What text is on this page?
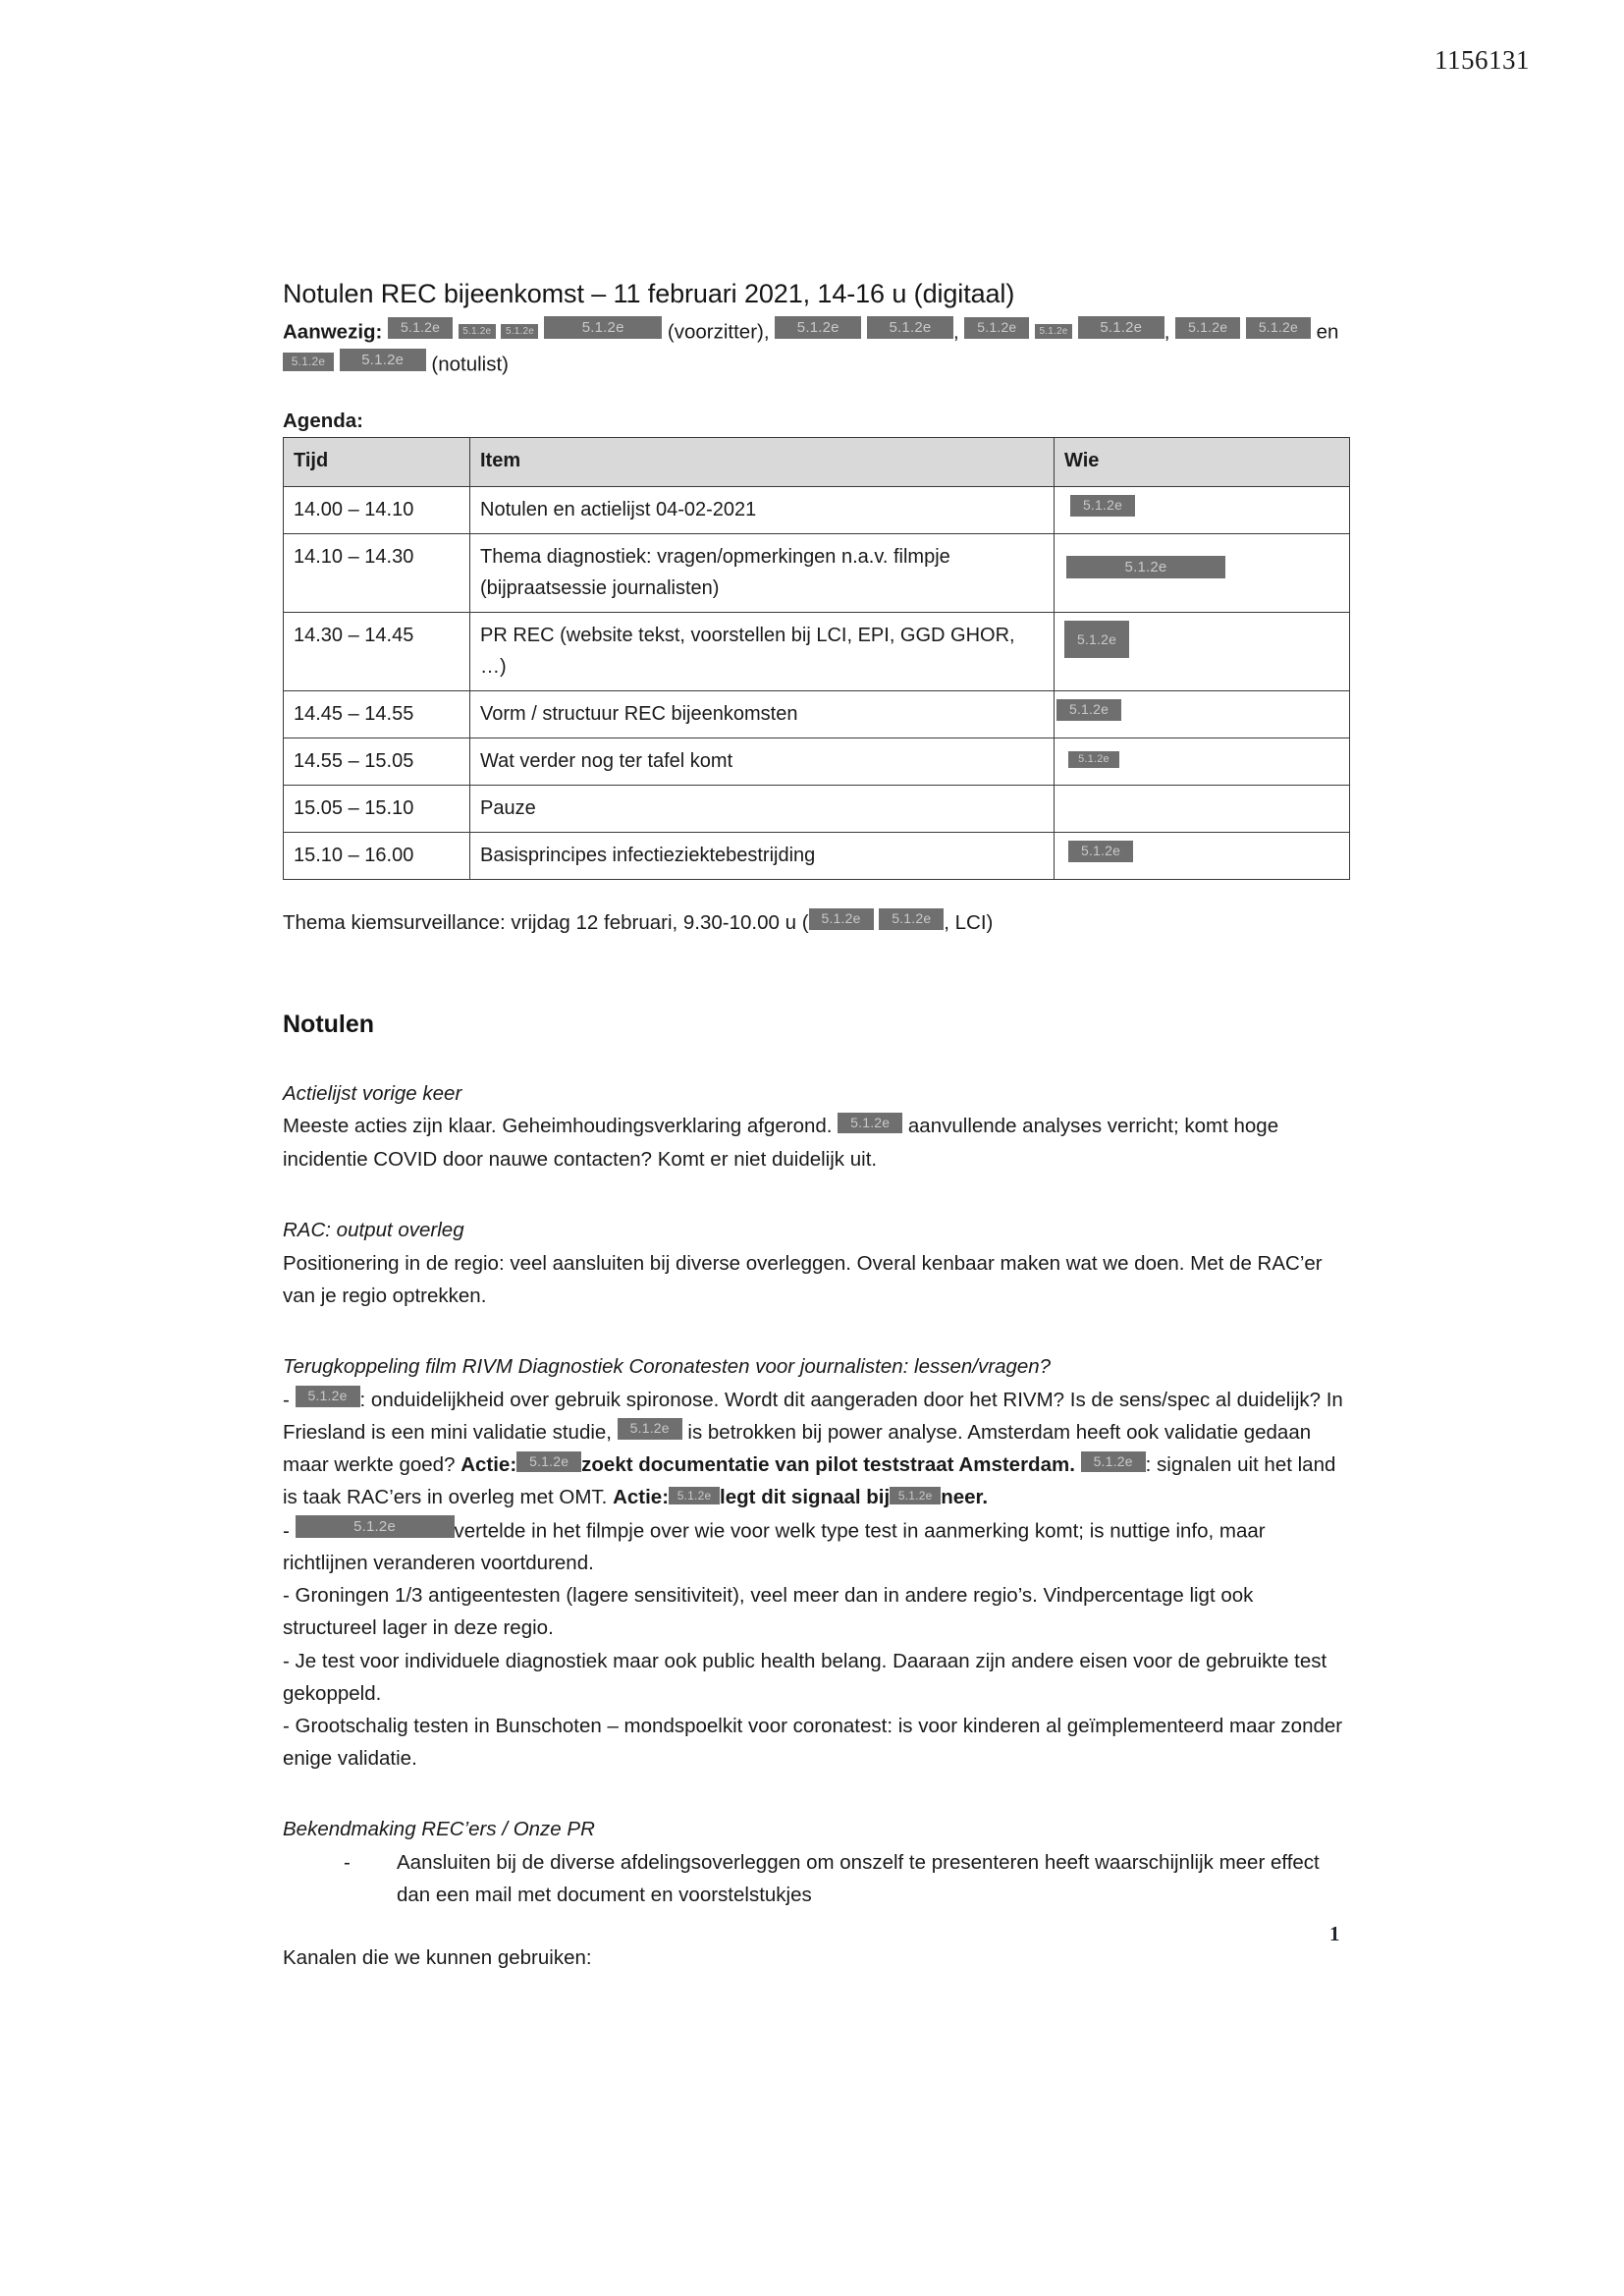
1156131
Notulen REC bijeenkomst – 11 februari 2021, 14-16 u (digitaal)

Aanwezig: 5.1.2e 5.1.2e 5.1.2e	5.1.2e (voorzitter), 5.1.2e	5.1.2e , 5.1.2e 5.1.2e 5.1.2e , 5.1.2e 5.1.2e en 5.1.2e 5.1.2e (notulist)

Agenda:
Tijd	Item	Wie
14.00 – 14.10	Notulen en actielijst 04-02-2021	5.1.2e
14.10 – 14.30	Thema diagnostiek: vragen/opmerkingen n.a.v. filmpje (bijpraatsessie journalisten)	5.1.2e
14.30 – 14.45	PR REC (website tekst, voorstellen bij LCI, EPI, GGD GHOR, …)	5.1.2e
14.45 – 14.55	Vorm / structuur REC bijeenkomsten	5.1.2e
14.55 – 15.05	Wat verder nog ter tafel komt	5.1.2e
15.05 – 15.10	Pauze	
15.10 – 16.00	Basisprincipes infectieziektebestrijding	5.1.2e

Thema kiemsurveillance: vrijdag 12 februari, 9.30-10.00 u ( 5.1.2e 5.1.2e , LCI)

Notulen
Actielijst vorige keer

Meeste acties zijn klaar. Geheimhoudingsverklaring afgerond. 5.1.2e aanvullende analyses verricht; komt hoge incidentie COVID door nauwe contacten? Komt er niet duidelijk uit.

RAC: output overleg

Positionering in de regio: veel aansluiten bij diverse overleggen. Overal kenbaar maken wat we doen. Met de RAC’er van je regio optrekken.

Terugkoppeling film RIVM Diagnostiek Coronatesten voor journalisten: lessen/vragen?

- 5.1.2e : onduidelijkheid over gebruik spironose. Wordt dit aangeraden door het RIVM? Is de sens/spec al duidelijk? In Friesland is een mini validatie studie, 5.1.2e is betrokken bij power analyse. Amsterdam heeft ook validatie gedaan maar werkte goed? Actie: 5.1.2e zoekt documentatie van pilot teststraat Amsterdam. 5.1.2e : signalen uit het land is taak RAC’ers in overleg met OMT. Actie: 5.1.2e legt dit signaal bij 5.1.2e neer.

-	5.1.2e	vertelde in het filmpje over wie voor welk type test in aanmerking komt; is nuttige info, maar richtlijnen veranderen voortdurend.

- Groningen 1/3 antigeentesten (lagere sensitiviteit), veel meer dan in andere regio’s. Vindpercentage ligt ook structureel lager in deze regio.

- Je test voor individuele diagnostiek maar ook public health belang. Daaraan zijn andere eisen voor de gebruikte test gekoppeld.

- Grootschalig testen in Bunschoten – mondspoelkit voor coronatest: is voor kinderen al geïmplementeerd maar zonder enige validatie.

Bekendmaking REC’ers / Onze PR
- Aansluiten bij de diverse afdelingsoverleggen om onszelf te presenteren heeft waarschijnlijk meer effect dan een mail met document en voorstelstukjes

Kanalen die we kunnen gebruiken:

1
